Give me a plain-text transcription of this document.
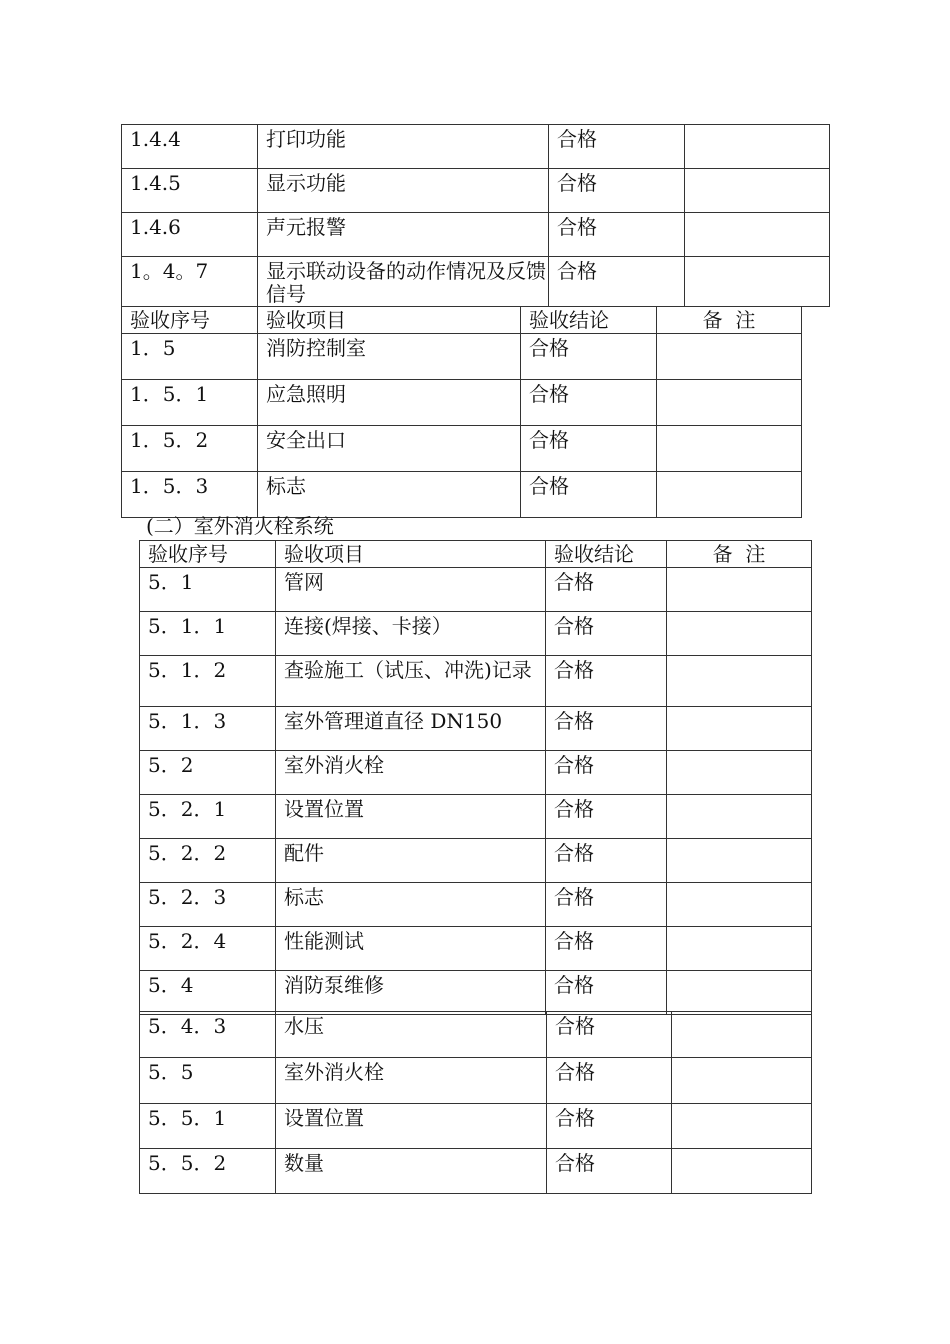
1.4.4	打印功能	合格	
1.4.5	显示功能	合格	
1.4.6	声元报警	合格	
1。4。7	显示联动设备的动作情况及反馈信号	合格	
验收序号	验收项目	验收结论	备  注
1．5	消防控制室	合格	
1．5．1	应急照明	合格	
1．5．2	安全出口	合格	
1．5．3	标志	合格	
(二）室外消火栓系统
验收序号	验收项目	验收结论	备  注
5．1	管网	合格	
5．1．1	连接(焊接、卡接）	合格	
5．1．2	查验施工（试压、冲洗)记录	合格	
5．1．3	室外管理道直径 DN150	合格	
5．2	室外消火栓	合格	
5．2．1	设置位置	合格	
5．2．2	配件	合格	
5．2．3	标志	合格	
5．2．4	性能测试	合格	
5．4	消防泵维修	合格	
5．4．3	水压	合格	
5．5	室外消火栓	合格	
5．5．1	设置位置	合格	
5．5．2	数量	合格	
